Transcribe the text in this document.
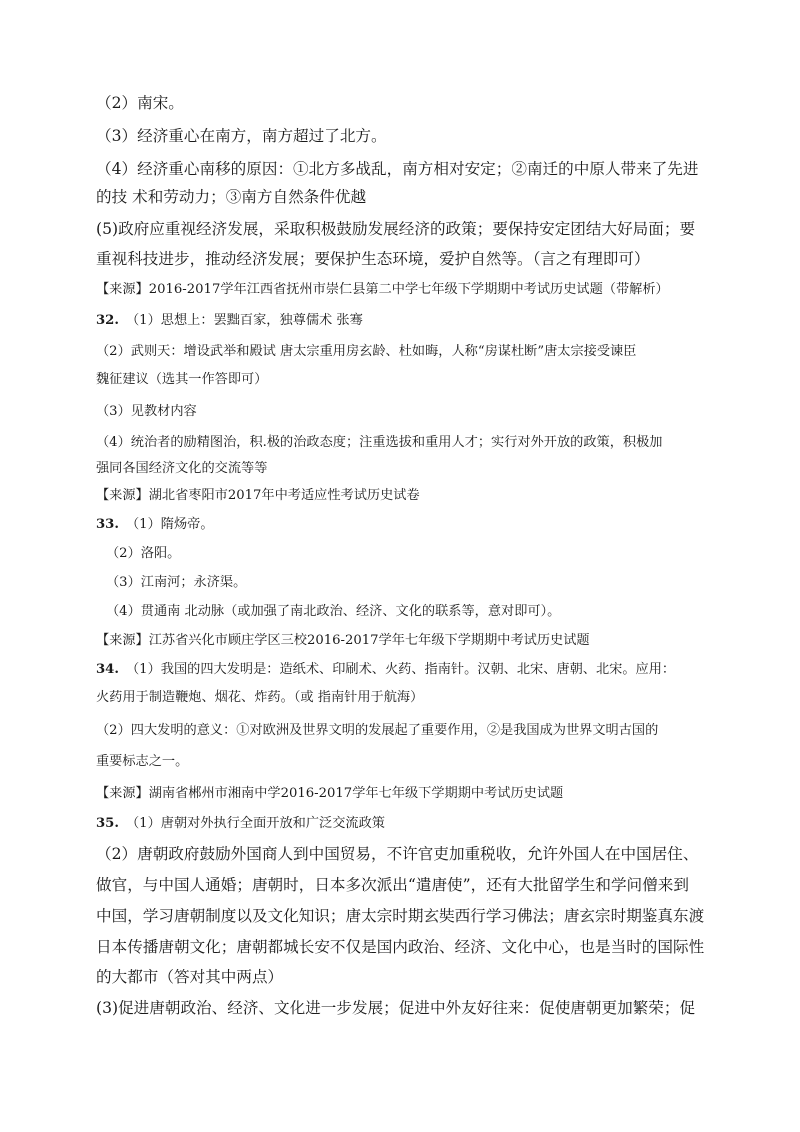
（2）南宋。
（3）经济重心在南方，南方超过了北方。
（4）经济重心南移的原因：①北方多战乱，南方相对安定；②南迁的中原人带来了先进
的技 术和劳动力；③南方自然条件优越
(5)政府应重视经济发展，采取积极鼓励发展经济的政策；要保持安定团结大好局面；要
重视科技进步，推动经济发展；要保护生态环境，爱护自然等。（言之有理即可）
【来源】2016-2017学年江西省抚州市崇仁县第二中学七年级下学期期中考试历史试题（带解析）
32. （1）思想上：罢黜百家，独尊儒术 张骞
（2）武则天：增设武举和殿试 唐太宗重用房玄龄、杜如晦，人称“房谋杜断”唐太宗接受谏臣
魏征建议（选其一作答即可）
（3）见教材内容
（4）统治者的励精图治，积.极的治政态度；注重选拔和重用人才；实行对外开放的政策，积极加
强同各国经济文化的交流等等
【来源】湖北省枣阳市2017年中考适应性考试历史试卷
33. （1）隋炀帝。
（2）洛阳。
（3）江南河；永济渠。
（4）贯通南 北动脉（或加强了南北政治、经济、文化的联系等，意对即可）。
【来源】江苏省兴化市顾庄学区三校2016-2017学年七年级下学期期中考试历史试题
34. （1）我国的四大发明是：造纸术、印刷术、火药、指南针。汉朝、北宋、唐朝、北宋。应用：
火药用于制造鞭炮、烟花、炸药。（或 指南针用于航海）
（2）四大发明的意义：①对欧洲及世界文明的发展起了重要作用，②是我国成为世界文明古国的
重要标志之一。
【来源】湖南省郴州市湘南中学2016-2017学年七年级下学期期中考试历史试题
35. （1）唐朝对外执行全面开放和广泛交流政策
（2）唐朝政府鼓励外国商人到中国贸易，不许官吏加重税收，允许外国人在中国居住、
做官，与中国人通婚；唐朝时，日本多次派出“遣唐使”，还有大批留学生和学问僧来到
中国，学习唐朝制度以及文化知识；唐太宗时期玄奘西行学习佛法；唐玄宗时期鉴真东渡
日本传播唐朝文化；唐朝都城长安不仅是国内政治、经济、文化中心，也是当时的国际性
的大都市（答对其中两点）
(3)促进唐朝政治、经济、文化进一步发展；促进中外友好往来：促使唐朝更加繁荣；促
